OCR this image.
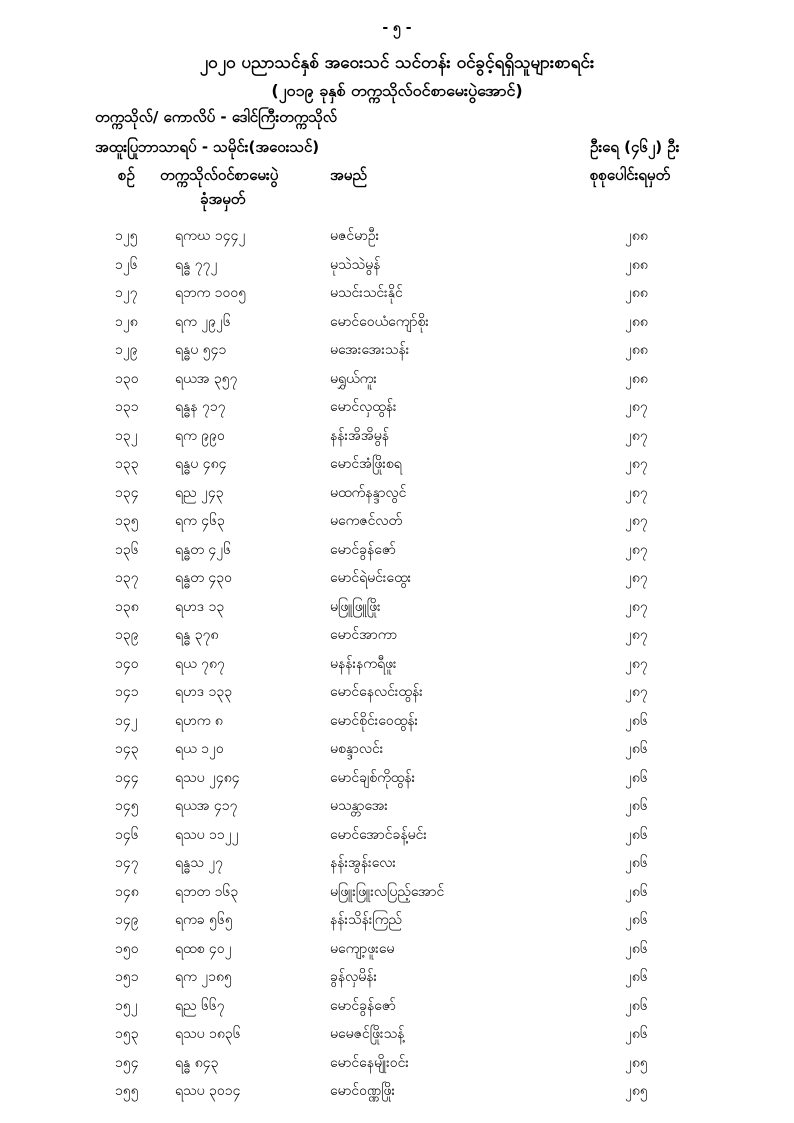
- ၅ -
၂၀၂၀ ပညာသင်နှစ် အဝေးသင် သင်တန်း ဝင်ခွင့်ရရှိသူများစာရင်း
(၂၀၁၉ ခုနှစ် တက္ကသိုလ်ဝင်စာမေးပွဲအောင်)
တက္ကသိုလ်/ ကောလိပ် - ‌ဒေါင်ကြီးတက္ကသိုလ်
အထူးပြုဘာသာရပ် - သမိုင်း(အဝေးသင်)	ဦးရေ (၄၆၂) ဦး
စဉ် တက္ကသိုလ်ဝင်စာမေးပွဲ
ခုံအမှတ်
အမည်	စုစုပေါင်းရမှတ်
၁၂၅	ရကဃ ၁၄၄၂	မဇင်မာဦး	၂၈၈
၁၂၆	ရန္ဓ ၇၇၂	မုသဲသဲမွန်	၂၈၈
၁၂၇	ရဘက ၁၀၀၅	မသင်းသင်းနိုင်	၂၈၈
၁၂၈	ရက ၂၉၂၆	မောင်ဝေယံကျော်စိုး	၂၈၈
၁၂၉	ရန္ဓပ ၅၄၁	မအေးအေးသန်း	၂၈၈
၁၃၀	ရယအ ၃၅၇	မရွှယ်ကူး	၂၈၈
၁၃၁	ရန္ဓန ၇၁၇	မောင်လှထွန်း	၂၈၇
၁၃၂	ရက ၉၉၀	နန်းအိအိမွန်	၂၈၇
၁၃၃	ရန္ဓပ ၄၈၄	မောင်အံဖြိုးစရ	၂၈၇
၁၃၄	ရည ၂၄၃	မထက်နန္ဒာလွင်	၂၈၇
၁၃၅	ရက ၄၆၃	မကေဇင်လတ်	၂၈၇
၁၃၆	ရန္ဓတ ၄၂၆	မောင်ခွန်ဇော်	၂၈၇
၁၃၇	ရန္ဓတ ၄၃၀	မောင်ရဲမင်းထွေး	၂၈၇
၁၃၈	ရဟဒ ၁၃	မဖြူဖြူဖြိုး	၂၈၇
၁၃၉	ရန္ဓ ၃၇၈	မောင်အာကာ	၂၈၇
၁၄၀	ရယ ၇၈၇	မနန်းနကရီဖူး	၂၈၇
၁၄၁	ရဟဒ ၁၃၃	မောင်နေလင်းထွန်း	၂၈၇
၁၄၂	ရဟက ၈	မောင်စိုင်းဝေထွန်း	၂၈၆
၁၄၃	ရယ ၁၂၀	မစန္ဒာလင်း	၂၈၆
၁၄၄	ရသပ ၂၄၈၄	မောင်ချစ်ကိုထွန်း	၂၈၆
၁၄၅	ရယအ ၄၁၇	မသန္တာအေး	၂၈၆
၁၄၆	ရသပ ၁၁၂၂	မောင်အောင်ခန့်မင်း	၂၈၆
၁၄၇	ရန္ဓသ ၂၇	နန်းအွန်းလေး	၂၈၆
၁၄၈	ရဘတ ၁၆၃	မဖြူးဖြူးလပြည့်အောင်	၂၈၆
၁၄၉	ရကခ ၅၆၅	နန်းသိန်းကြည်	၂၈၆
၁၅၀	ရထစ ၄၀၂	မကျော့ဖူးမေ	၂၈၆
၁၅၁	ရက ၂၁၈၅	ခွန်လှမိန်း	၂၈၆
၁၅၂	ရည ၆၆၇	မောင်ခွန်ဇော်	၂၈၆
၁၅၃	ရသပ ၁၈၃၆	မမေဇင်ဖြိုးသန့်	၂၈၆
၁၅၄	ရန္ဓ ၈၄၃	မောင်နေမျိုးဝင်း	၂၈၅
၁၅၅	ရသပ ၃၀၁၄	မောင်ဝဏ္ဏဖြိုး	၂၈၅
